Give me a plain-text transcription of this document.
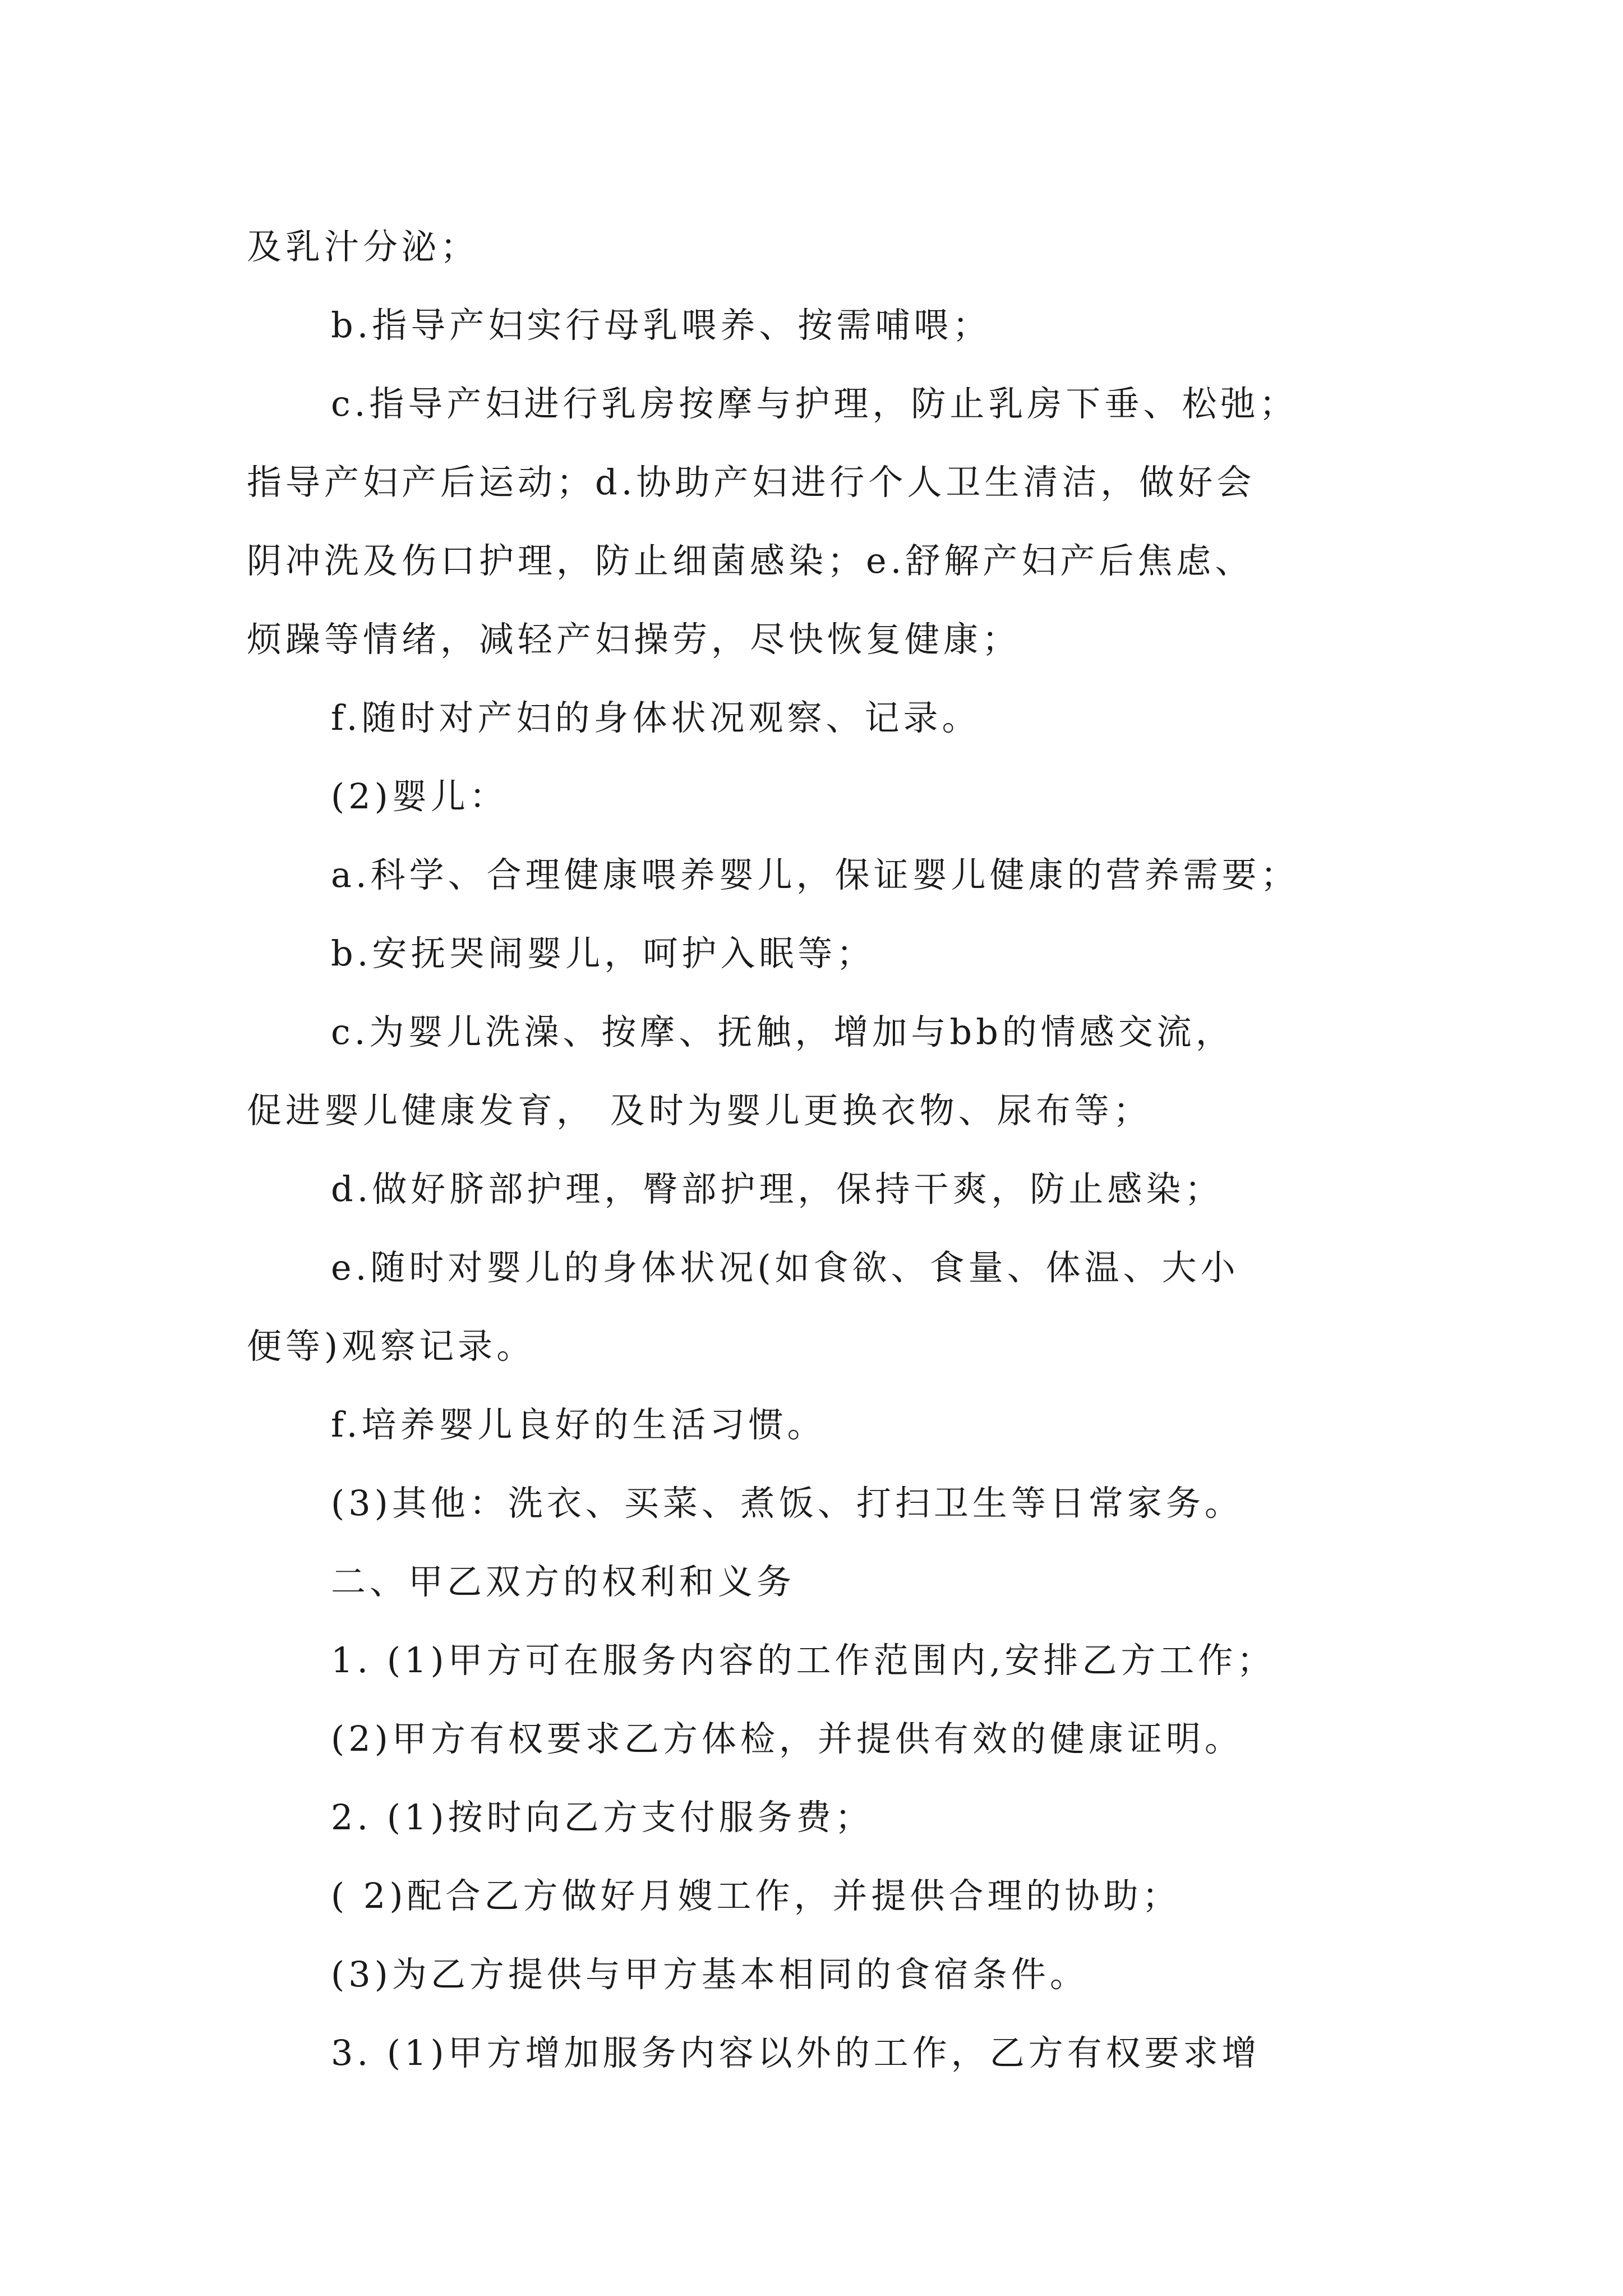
及乳汁分泌；
b.指导产妇实行母乳喂养、按需哺喂；
c.指导产妇进行乳房按摩与护理，防止乳房下垂、松弛；
指导产妇产后运动；d.协助产妇进行个人卫生清洁，做好会
阴冲洗及伤口护理，防止细菌感染；e.舒解产妇产后焦虑、
烦躁等情绪，减轻产妇操劳，尽快恢复健康；
f.随时对产妇的身体状况观察、记录。
(2)婴儿：
a.科学、合理健康喂养婴儿，保证婴儿健康的营养需要；
b.安抚哭闹婴儿，呵护入眠等；
c.为婴儿洗澡、按摩、抚触，增加与bb的情感交流，
促进婴儿健康发育， 及时为婴儿更换衣物、尿布等；
d.做好脐部护理，臀部护理，保持干爽，防止感染；
e.随时对婴儿的身体状况(如食欲、食量、体温、大小
便等)观察记录。
f.培养婴儿良好的生活习惯。
(3)其他：洗衣、买菜、煮饭、打扫卫生等日常家务。
二、甲乙双方的权利和义务
1. (1)甲方可在服务内容的工作范围内,安排乙方工作；
(2)甲方有权要求乙方体检，并提供有效的健康证明。
2. (1)按时向乙方支付服务费；
( 2)配合乙方做好月嫂工作，并提供合理的协助；
(3)为乙方提供与甲方基本相同的食宿条件。
3. (1)甲方增加服务内容以外的工作，乙方有权要求增
